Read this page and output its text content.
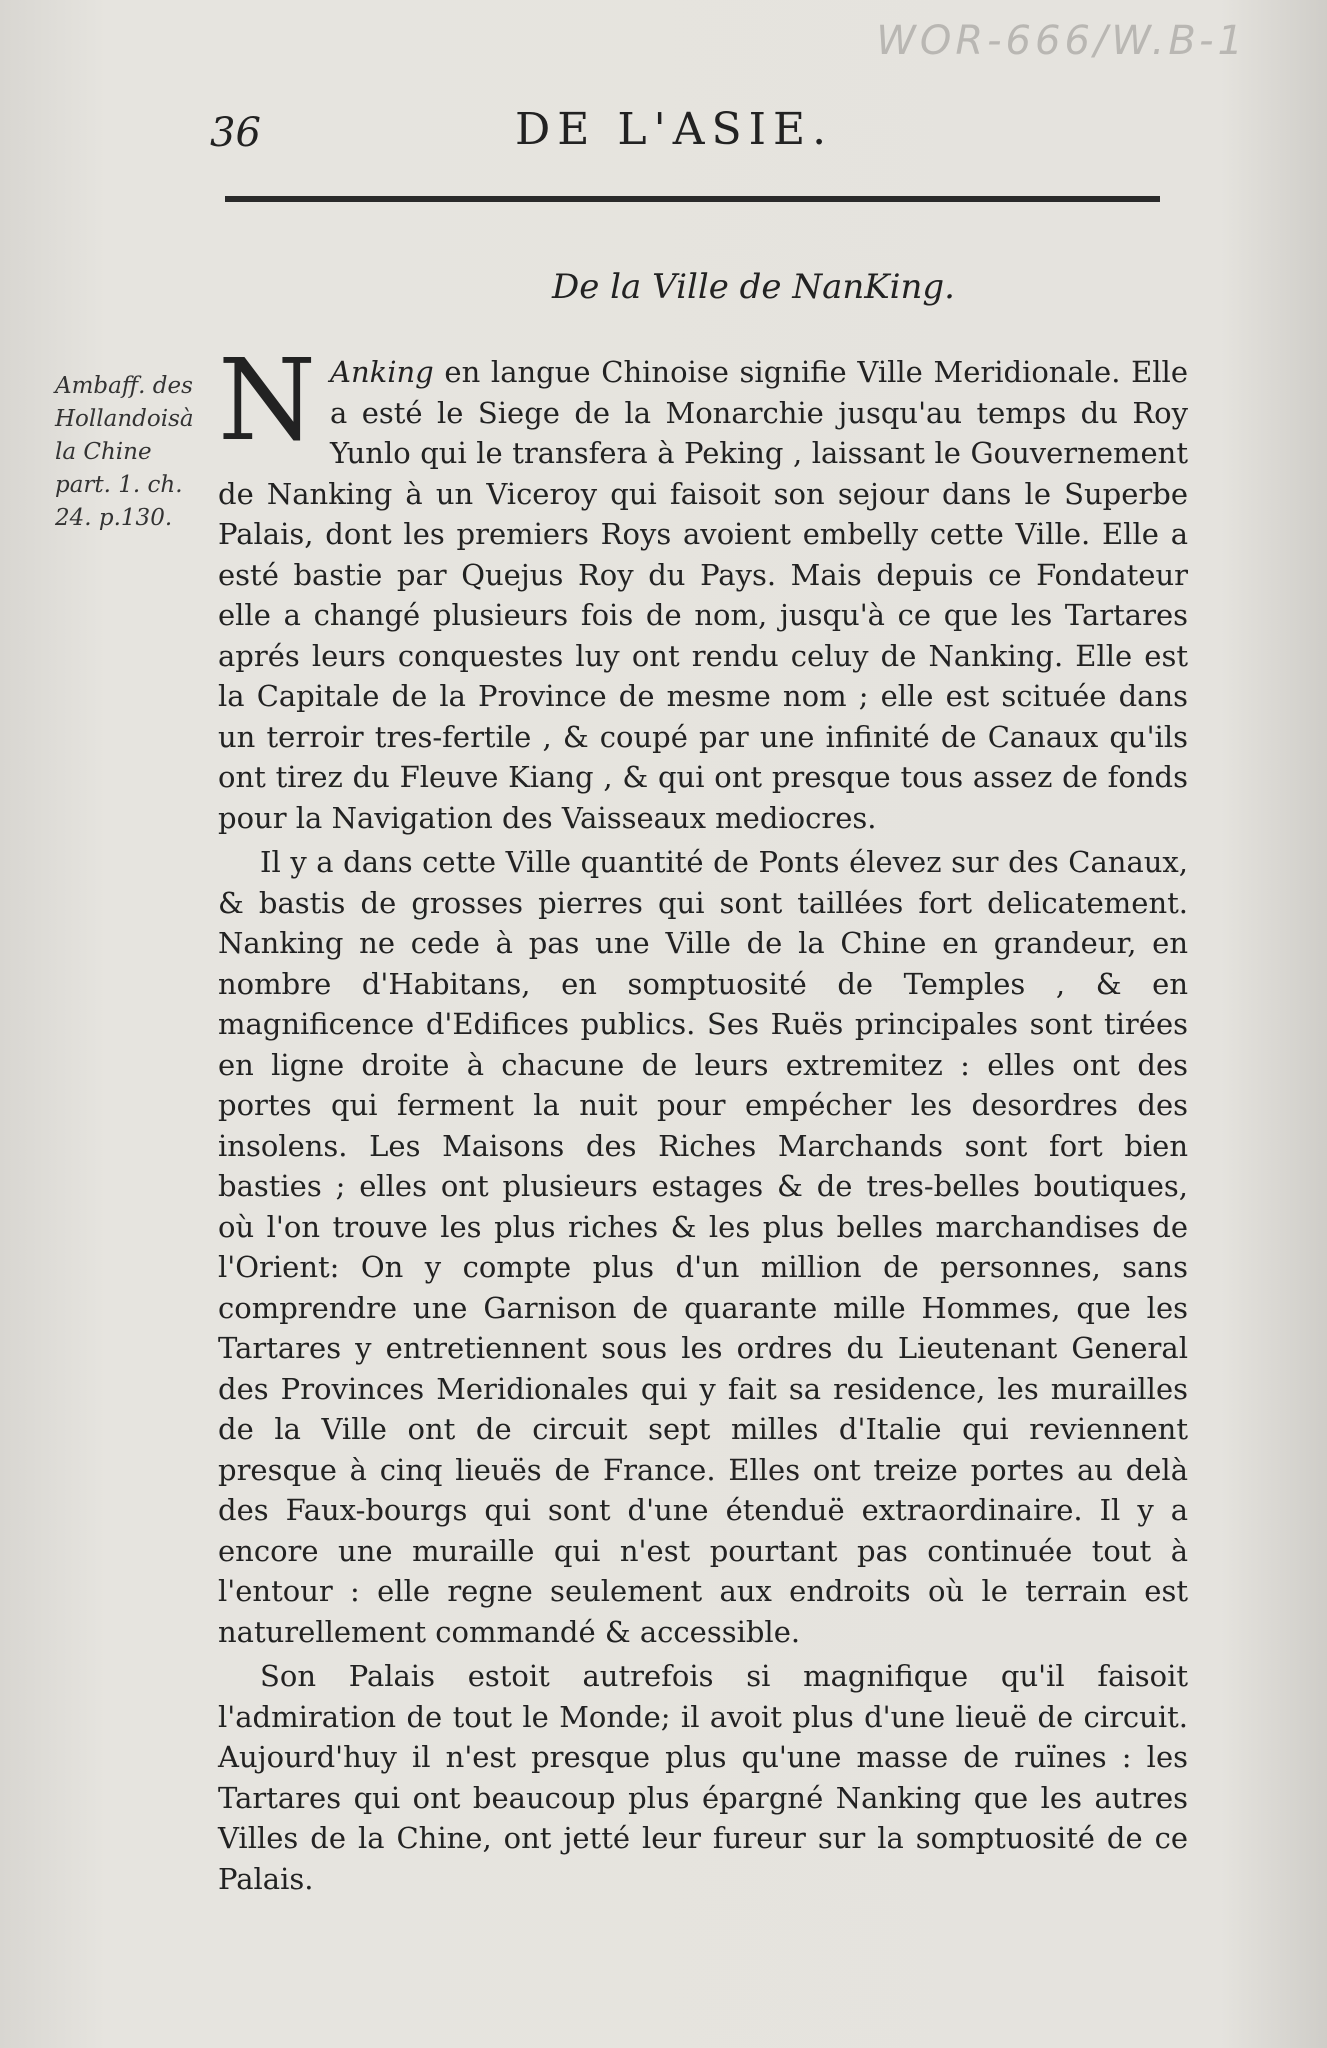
WOR-666/W.B-1
36	DE L'ASIE.
De la Ville de NanKing.
Ambaff. des Hollandoisà la Chine part. 1. ch. 24. p.130.

N Anking en langue Chinoise signifie Ville Meridionale. Elle a esté le Siege de la Monarchie jusqu'au temps du Roy Yunlo qui le transfera à Peking , laissant le Gouvernement de Nanking à un Viceroy qui faisoit son sejour dans le Superbe Palais, dont les premiers Roys avoient embelly cette Ville. Elle a esté bastie par Quejus Roy du Pays. Mais depuis ce Fondateur elle a changé plusieurs fois de nom, jusqu'à ce que les Tartares aprés leurs conquestes luy ont rendu celuy de Nanking. Elle est la Capitale de la Province de mesme nom ; elle est scituée dans un terroir tres-fertile , & coupé par une infinité de Canaux qu'ils ont tirez du Fleuve Kiang , & qui ont presque tous assez de fonds pour la Navigation des Vaisseaux mediocres.

Il y a dans cette Ville quantité de Ponts élevez sur des Canaux, & bastis de grosses pierres qui sont taillées fort delicatement. Nanking ne cede à pas une Ville de la Chine en grandeur, en nombre d'Habitans, en somptuosité de Temples , & en magnificence d'Edifices publics. Ses Ruës principales sont tirées en ligne droite à chacune de leurs extremitez : elles ont des portes qui ferment la nuit pour empécher les desordres des insolens. Les Maisons des Riches Marchands sont fort bien basties ; elles ont plusieurs estages & de tres-belles boutiques, où l'on trouve les plus riches & les plus belles marchandises de l'Orient: On y compte plus d'un million de personnes, sans comprendre une Garnison de quarante mille Hommes, que les Tartares y entretiennent sous les ordres du Lieutenant General des Provinces Meridionales qui y fait sa residence, les murailles de la Ville ont de circuit sept milles d'Italie qui reviennent presque à cinq lieuës de France. Elles ont treize portes au delà des Faux-bourgs qui sont d'une étenduë extraordinaire. Il y a encore une muraille qui n'est pourtant pas continuée tout à l'entour : elle regne seulement aux endroits où le terrain est naturellement commandé & accessible.

Son Palais estoit autrefois si magnifique qu'il faisoit l'admiration de tout le Monde; il avoit plus d'une lieuë de circuit. Aujourd'huy il n'est presque plus qu'une masse de ruïnes : les Tartares qui ont beaucoup plus épargné Nanking que les autres Villes de la Chine, ont jetté leur fureur sur la somptuosité de ce Palais.
